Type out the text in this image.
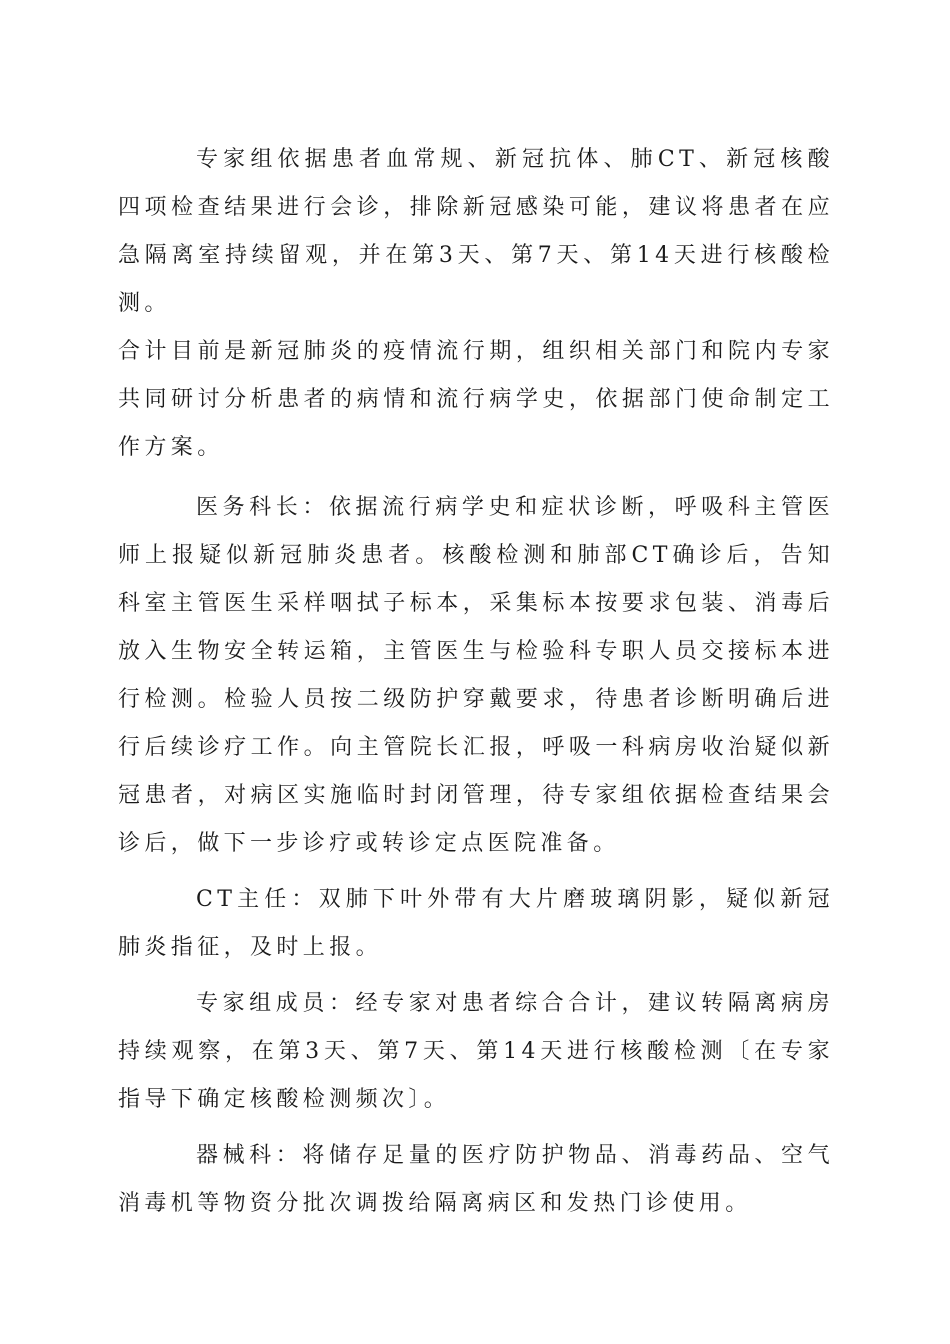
专家组依据患者血常规、新冠抗体、肺CT、新冠核酸四项检查结果进行会诊，排除新冠感染可能，建议将患者在应急隔离室持续留观，并在第3天、第7天、第14天进行核酸检测。

合计目前是新冠肺炎的疫情流行期，组织相关部门和院内专家共同研讨分析患者的病情和流行病学史，依据部门使命制定工作方案。

医务科长：依据流行病学史和症状诊断，呼吸科主管医师上报疑似新冠肺炎患者。核酸检测和肺部CT确诊后，告知科室主管医生采样咽拭子标本，采集标本按要求包装、消毒后放入生物安全转运箱，主管医生与检验科专职人员交接标本进行检测。检验人员按二级防护穿戴要求，待患者诊断明确后进行后续诊疗工作。向主管院长汇报，呼吸一科病房收治疑似新冠患者，对病区实施临时封闭管理，待专家组依据检查结果会诊后，做下一步诊疗或转诊定点医院准备。

CT主任：双肺下叶外带有大片磨玻璃阴影，疑似新冠肺炎指征，及时上报。

专家组成员：经专家对患者综合合计，建议转隔离病房持续观察，在第3天、第7天、第14天进行核酸检测〔在专家指导下确定核酸检测频次〕。

器械科：将储存足量的医疗防护物品、消毒药品、空气消毒机等物资分批次调拨给隔离病区和发热门诊使用。
